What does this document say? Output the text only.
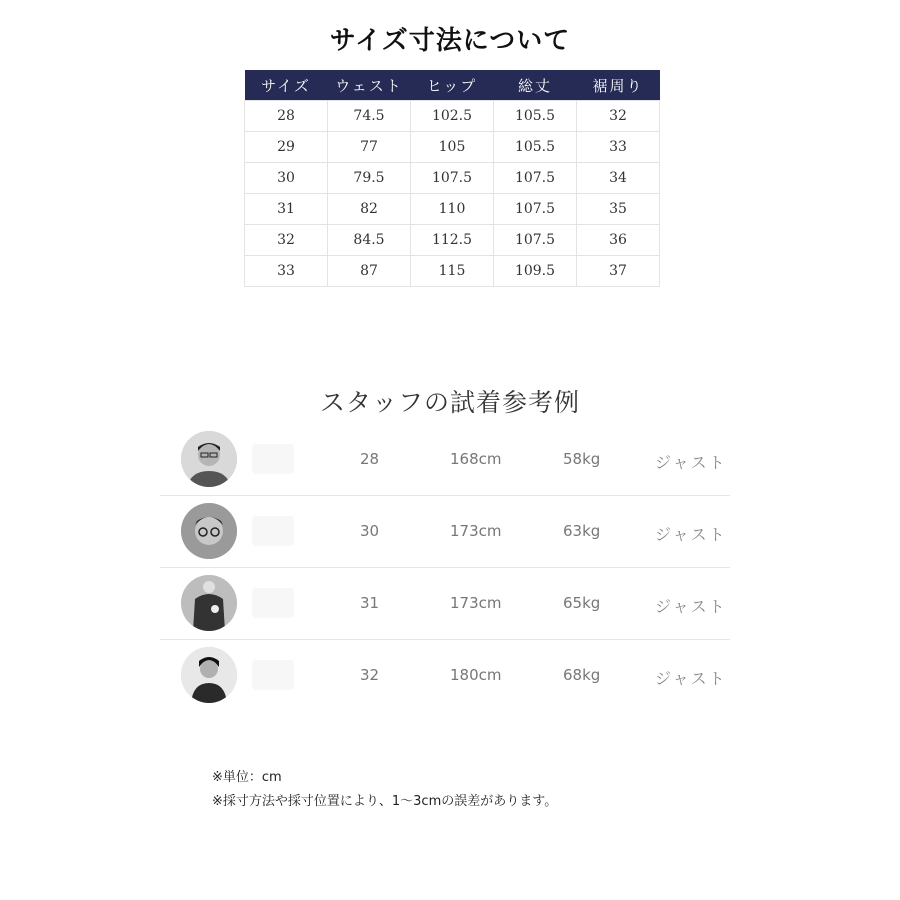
サイズ寸法について
サイズ	ウェスト	ヒップ	総丈	裾周り
28	74.5	102.5	105.5	32
29	77	105	105.5	33
30	79.5	107.5	107.5	34
31	82	110	107.5	35
32	84.5	112.5	107.5	36
33	87	115	109.5	37
スタッフの試着参考例
28	168cm	58kg	ジャスト
30	173cm	63kg	ジャスト
31	173cm	65kg	ジャスト
32	180cm	68kg	ジャスト
※単位：cm
※採寸方法や採寸位置により、1～3cmの誤差があります。
